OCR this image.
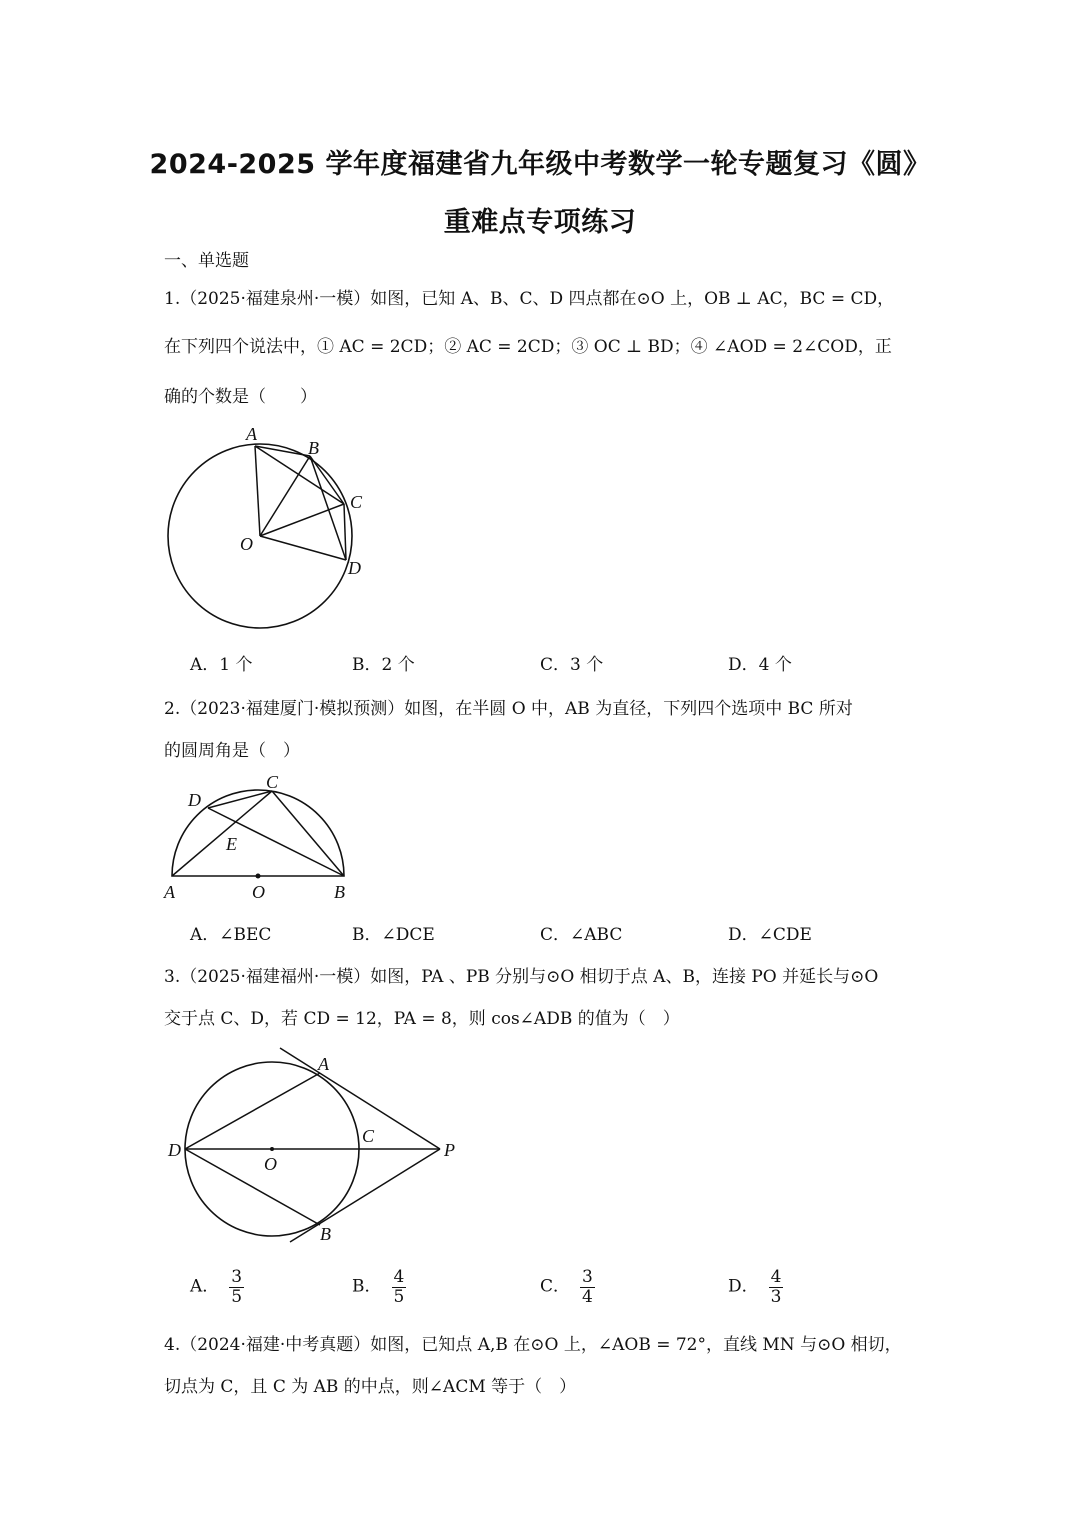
2024-2025 学年度福建省九年级中考数学一轮专题复习《圆》
重难点专项练习
一、单选题
1.（2025·福建泉州·一模）如图，已知 A、B、C、D 四点都在⊙O 上，OB ⊥ AC，BC = CD，
在下列四个说法中，① AC = 2CD；② AC = 2CD；③ OC ⊥ BD；④ ∠AOD = 2∠COD，正
确的个数是（　　）
A
B
C
O
D
A．1 个	B．2 个	C．3 个	D．4 个
2.（2023·福建厦门·模拟预测）如图，在半圆 O 中，AB 为直径，下列四个选项中 BC 所对
的圆周角是（　）
C
D
E
A	O	B
A．∠BEC	B．∠DCE	C．∠ABC	D．∠CDE
3.（2025·福建福州·一模）如图，PA 、PB 分别与⊙O 相切于点 A、B，连接 PO 并延长与⊙O
交于点 C、D，若 CD = 12，PA = 8，则 cos∠ADB 的值为（　）
A
C
D
O
P
B
A． $\frac{3}{5}$	B． $\frac{4}{5}$	C． $\frac{3}{4}$	D． $\frac{4}{3}$
4.（2024·福建·中考真题）如图，已知点 A,B 在⊙O 上，∠AOB = 72°，直线 MN 与⊙O 相切，
切点为 C，且 C 为 AB 的中点，则∠ACM 等于（　）
